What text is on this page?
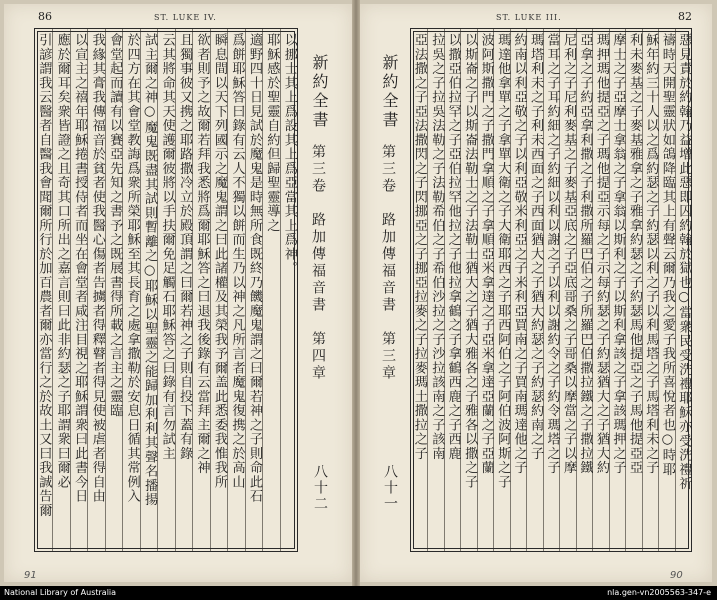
86	ST. LUKE IV.
以挪士其上爲設其上爲亞當其上爲神。
耶穌感於聖靈自約但歸聖靈導之
適野四十日見試於魔鬼是時無所食既終乃饑魔鬼謂之曰爾若神之子則命此石
爲餅耶穌答曰錄有云人不獨以餅而生乃以神之凡所言者魔鬼復携之於高山
瞬息間以天下列國示之魔鬼謂之曰此諸權及其榮我予爾盖此悉委我惟我所
欲者則予之故爾若拜我悉將爲爾耶穌答之曰退我後錄有云當拜主爾之神
且獨事彼又携之耶路撒冷立於殿頂謂之曰爾若神之子則自投下蓋有錄
云其將命其天使護爾彼將以手扶爾免足觸石耶穌答之曰錄有言勿試主
試主爾之神○魔鬼既盡其試則暫離之○耶穌以聖靈之能歸加利利其聲名播揚
於四方在其會堂教誨爲衆所榮耶穌至其長育之處拿撒勒於安息日循其常例入
會堂起而讀有以賽亞先知之書予之既展書得所載之言主之靈臨
我緣其膏我傳福音於貧者使我醫心傷者告擄者得釋瞽者得見使被虐者得自由
以宣主之禧年耶穌捲書授侍者而坐在會堂者咸注目視之耶穌謂衆曰此書今日
應於爾耳矣衆皆證之且奇其口所出之嘉言則曰此非約瑟之子耶謂衆曰爾必
引諺謂我云醫者自醫我會聞爾所行於加百農者爾亦當行之於故土又曰我誠告爾	新約全書
第三卷　路加傳福音書　第四章
八十二
91
ST. LUKE III.	82
惡見責於約翰乃益增此惡即囚約翰於獄也○當衆民受洗禮耶穌亦受洗禮祈
禱時天開聖靈狀如鴿降臨其上有聲云爾乃我之愛子我所喜悅者也○時耶
穌年約三十人以之爲約瑟之子約瑟以利之子以利馬塔之子馬塔利未之子
利未麥基之子麥基雅拿之子雅拿約瑟之子約瑟馬他提亞之子馬他提亞亞
摩士之子亞摩士拿翁之子拿翁以斯利之子以斯利拿該之子拿該瑪押之子
瑪押瑪他提亞之子瑪他提亞示每之子示每約瑟之子約瑟猶大之子猶大約
亞拿之子約亞拿利撒之子利撒所羅巴伯之子所羅巴伯撒拉鐵之子撒拉鐵
尼利之子尼利麥基之子麥基亞底之子亞底哥桑之子哥桑以摩當之子以摩
當耳之子耳約細之子約細以利以謝之子以利以謝約令之子約令瑪塔之子
瑪塔利未之子利未西面之子西面猶大之子猶大約瑟之子約瑟約南之子
約南以利亞敬之子以利亞敬米利亞之子米利亞買南之子買南瑪達他之子
瑪達他拿單之子拿單大衛之子大衛耶西之子耶西阿伯之子阿伯波阿斯之子
波阿斯撒門之子撒門拿順之子拿順亞米拿達之子亞米拿達亞蘭之子亞蘭
以斯崙之子以斯崙法勒士之子法勒士猶大之子猶大雅各之子雅各以撒之子
以撒亞伯拉罕之子亞伯拉罕他拉之子他拉拿鶴之子拿鶴西鹿之子西鹿
拉吳之子拉吳法勒之子法勒希伯之子希伯沙拉之子沙拉該南之子該南
亞法撒之子亞法撒閃之子閃挪亞之子挪亞拉麥之子拉麥瑪土撒拉之子
新約全書
第三卷　路加傳福音書　第三章
八十一
90
National Library of Australia	nla.gen-vn2005563-347-e
